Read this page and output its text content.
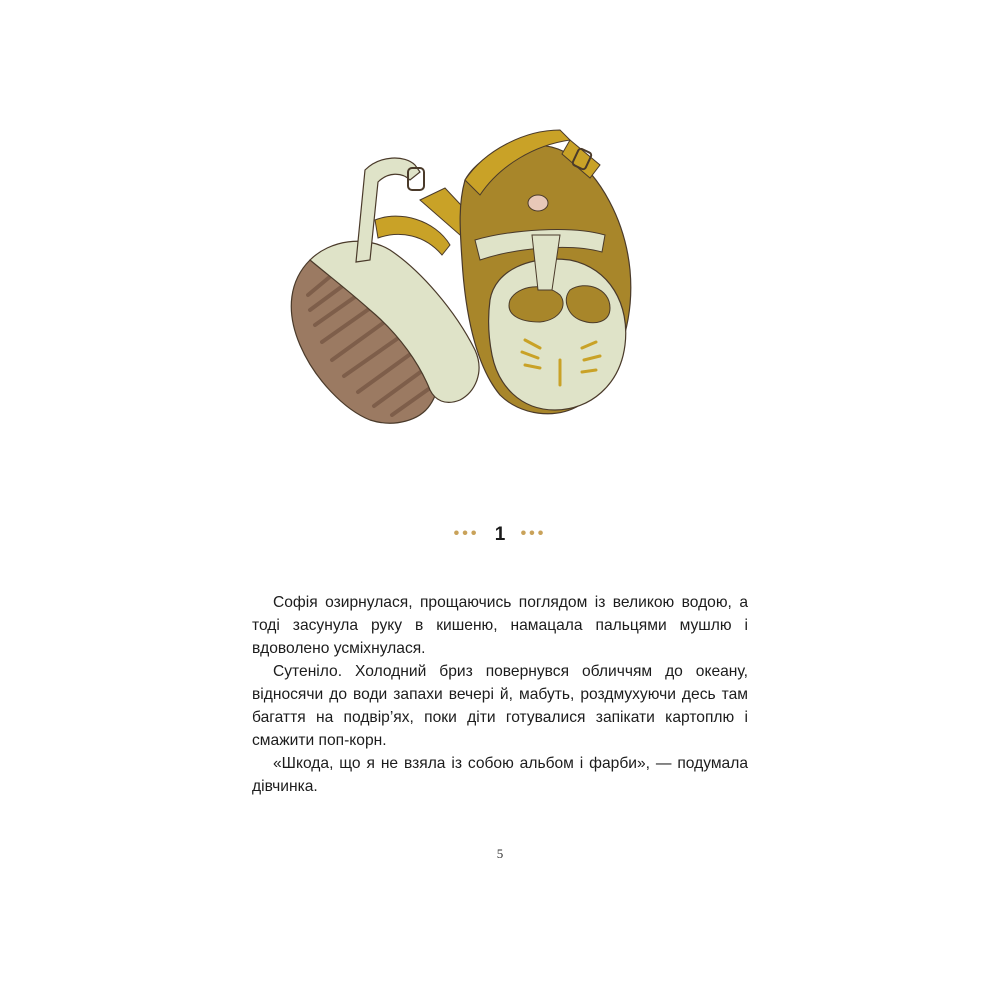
••• 1 •••

Софія озирнулася, прощаючись поглядом із великою водою, а тоді засунула руку в кишеню, намацала пальцями мушлю і вдоволено усміхнулася.

Сутеніло. Холодний бриз повернувся обличчям до океану, відносячи до води запахи вечері й, мабуть, роздмухуючи десь там багаття на подвір’ях, поки діти готувалися запікати картоплю і смажити поп-корн.

«Шкода, що я не взяла із собою альбом і фарби», — подумала дівчинка.

5
